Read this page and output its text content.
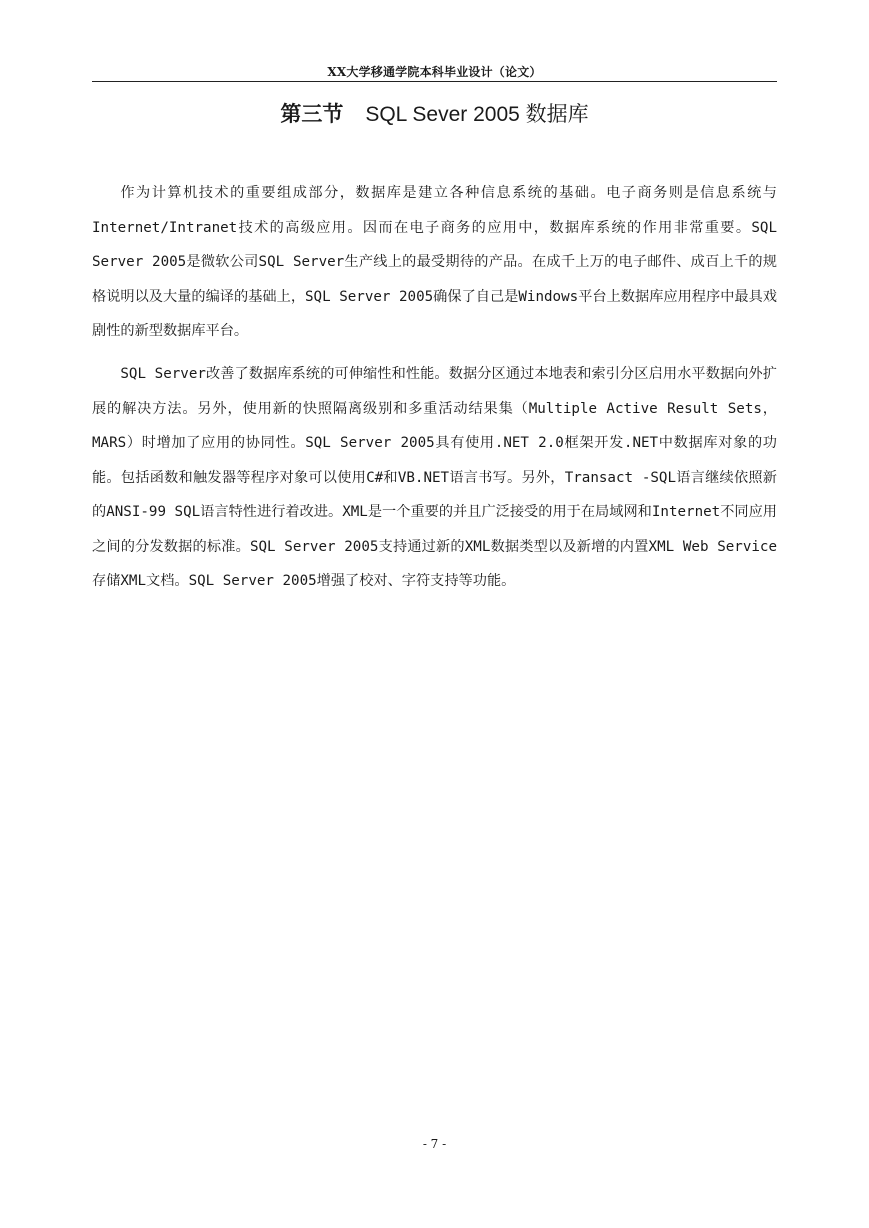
XX大学移通学院本科毕业设计（论文）
第三节 SQL Sever 2005 数据库

作为计算机技术的重要组成部分，数据库是建立各种信息系统的基础。电子商务则是信息系统与Internet/Intranet技术的高级应用。因而在电子商务的应用中，数据库系统的作用非常重要。SQL Server 2005是微软公司SQL Server生产线上的最受期待的产品。在成千上万的电子邮件、成百上千的规格说明以及大量的编译的基础上，SQL Server 2005确保了自己是Windows平台上数据库应用程序中最具戏剧性的新型数据库平台。

SQL Server改善了数据库系统的可伸缩性和性能。数据分区通过本地表和索引分区启用水平数据向外扩展的解决方法。另外，使用新的快照隔离级别和多重活动结果集（Multiple Active Result Sets，MARS）时增加了应用的协同性。SQL Server 2005具有使用.NET 2.0框架开发.NET中数据库对象的功能。包括函数和触发器等程序对象可以使用C#和VB.NET语言书写。另外，Transact -SQL语言继续依照新的ANSI-99 SQL语言特性进行着改进。XML是一个重要的并且广泛接受的用于在局域网和Internet不同应用之间的分发数据的标准。SQL Server 2005支持通过新的XML数据类型以及新增的内置XML Web Service存储XML文档。SQL Server 2005增强了校对、字符支持等功能。

- 7 -
